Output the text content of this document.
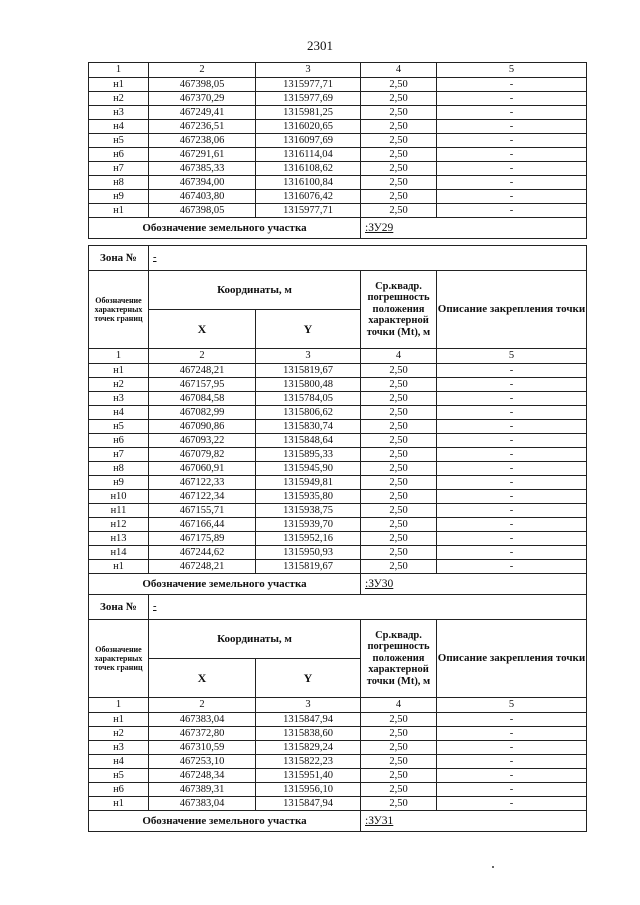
2301
1	2	3	4	5
н1	467398,05	1315977,71	2,50	-
н2	467370,29	1315977,69	2,50	-
н3	467249,41	1315981,25	2,50	-
н4	467236,51	1316020,65	2,50	-
н5	467238,06	1316097,69	2,50	-
н6	467291,61	1316114,04	2,50	-
н7	467385,33	1316108,62	2,50	-
н8	467394,00	1316100,84	2,50	-
н9	467403,80	1316076,42	2,50	-
н1	467398,05	1315977,71	2,50	-
Обозначение земельного участка			:ЗУ29	
Зона №	-			
Обозначение характерных точек границ	Координаты, м		Ср.квадр. погрешность положения характерной точки (Mt), м	Описание закрепления точки
	X	Y		
1	2	3	4	5
н1	467248,21	1315819,67	2,50	-
н2	467157,95	1315800,48	2,50	-
н3	467084,58	1315784,05	2,50	-
н4	467082,99	1315806,62	2,50	-
н5	467090,86	1315830,74	2,50	-
н6	467093,22	1315848,64	2,50	-
н7	467079,82	1315895,33	2,50	-
н8	467060,91	1315945,90	2,50	-
н9	467122,33	1315949,81	2,50	-
н10	467122,34	1315935,80	2,50	-
н11	467155,71	1315938,75	2,50	-
н12	467166,44	1315939,70	2,50	-
н13	467175,89	1315952,16	2,50	-
н14	467244,62	1315950,93	2,50	-
н1	467248,21	1315819,67	2,50	-
Обозначение земельного участка			:ЗУ30	
Зона №	-			
Обозначение характерных точек границ	Координаты, м		Ср.квадр. погрешность положения характерной точки (Mt), м	Описание закрепления точки
	X	Y		
1	2	3	4	5
н1	467383,04	1315847,94	2,50	-
н2	467372,80	1315838,60	2,50	-
н3	467310,59	1315829,24	2,50	-
н4	467253,10	1315822,23	2,50	-
н5	467248,34	1315951,40	2,50	-
н6	467389,31	1315956,10	2,50	-
н1	467383,04	1315847,94	2,50	-
Обозначение земельного участка			:ЗУ31	
